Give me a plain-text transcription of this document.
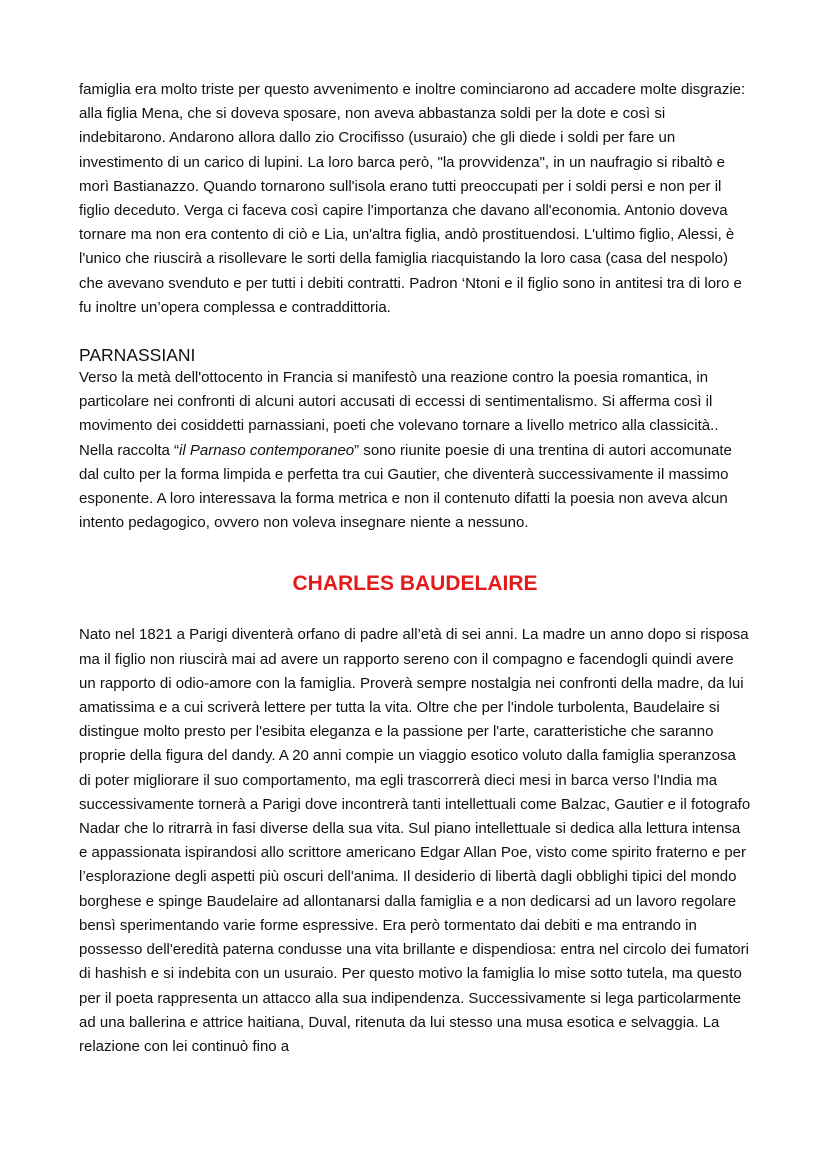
famiglia era molto triste per questo avvenimento e inoltre cominciarono ad accadere molte disgrazie: alla figlia Mena, che si doveva sposare, non aveva abbastanza soldi per la dote e così si indebitarono. Andarono allora dallo zio Crocifisso (usuraio) che gli diede i soldi per fare un investimento di un carico di lupini. La loro barca però, "la provvidenza", in un naufragio si ribaltò e morì Bastianazzo. Quando tornarono sull'isola erano tutti preoccupati per i soldi persi e non per il figlio deceduto. Verga ci faceva così capire l'importanza che davano all'economia. Antonio doveva tornare ma non era contento di ciò e Lia, un'altra figlia, andò prostituendosi. L'ultimo figlio, Alessi, è l'unico che riuscirà a risollevare le sorti della famiglia riacquistando la loro casa (casa del nespolo) che avevano svenduto e per tutti i debiti contratti. Padron ‘Ntoni e il figlio sono in antitesi tra di loro e fu inoltre un’opera complessa e contraddittoria.

PARNASSIANI

Verso la metà dell'ottocento in Francia si manifestò una reazione contro la poesia romantica, in particolare nei confronti di alcuni autori accusati di eccessi di sentimentalismo. Si afferma così il movimento dei cosiddetti parnassiani, poeti che volevano tornare a livello metrico alla classicità.. Nella raccolta “il Parnaso contemporaneo” sono riunite poesie di una trentina di autori accomunate dal culto per la forma limpida e perfetta tra cui Gautier, che diventerà successivamente il massimo esponente. A loro interessava la forma metrica e non il contenuto difatti la poesia non aveva alcun intento pedagogico, ovvero non voleva insegnare niente a nessuno.

CHARLES BAUDELAIRE

Nato nel 1821 a Parigi diventerà orfano di padre all’età di sei anni. La madre un anno dopo si risposa ma il figlio non riuscirà mai ad avere un rapporto sereno con il compagno e facendogli quindi avere un rapporto di odio-amore con la famiglia. Proverà sempre nostalgia nei confronti della madre, da lui amatissima e a cui scriverà lettere per tutta la vita. Oltre che per l'indole turbolenta, Baudelaire si distingue molto presto per l'esibita eleganza e la passione per l'arte, caratteristiche che saranno proprie della figura del dandy. A 20 anni compie un viaggio esotico voluto dalla famiglia speranzosa di poter migliorare il suo comportamento, ma egli trascorrerà dieci mesi in barca verso l'India ma successivamente tornerà a Parigi dove incontrerà tanti intellettuali come Balzac, Gautier e il fotografo Nadar che lo ritrarrà in fasi diverse della sua vita. Sul piano intellettuale si dedica alla lettura intensa e appassionata ispirandosi allo scrittore americano Edgar Allan Poe, visto come spirito fraterno e per l’esplorazione degli aspetti più oscuri dell'anima. Il desiderio di libertà dagli obblighi tipici del mondo borghese e spinge Baudelaire ad allontanarsi dalla famiglia e a non dedicarsi ad un lavoro regolare bensì sperimentando varie forme espressive. Era però tormentato dai debiti e ma entrando in possesso dell'eredità paterna condusse una vita brillante e dispendiosa: entra nel circolo dei fumatori di hashish e si indebita con un usuraio. Per questo motivo la famiglia lo mise sotto tutela, ma questo per il poeta rappresenta un attacco alla sua indipendenza. Successivamente si lega particolarmente ad una ballerina e attrice haitiana, Duval, ritenuta da lui stesso una musa esotica e selvaggia. La relazione con lei continuò fino a
